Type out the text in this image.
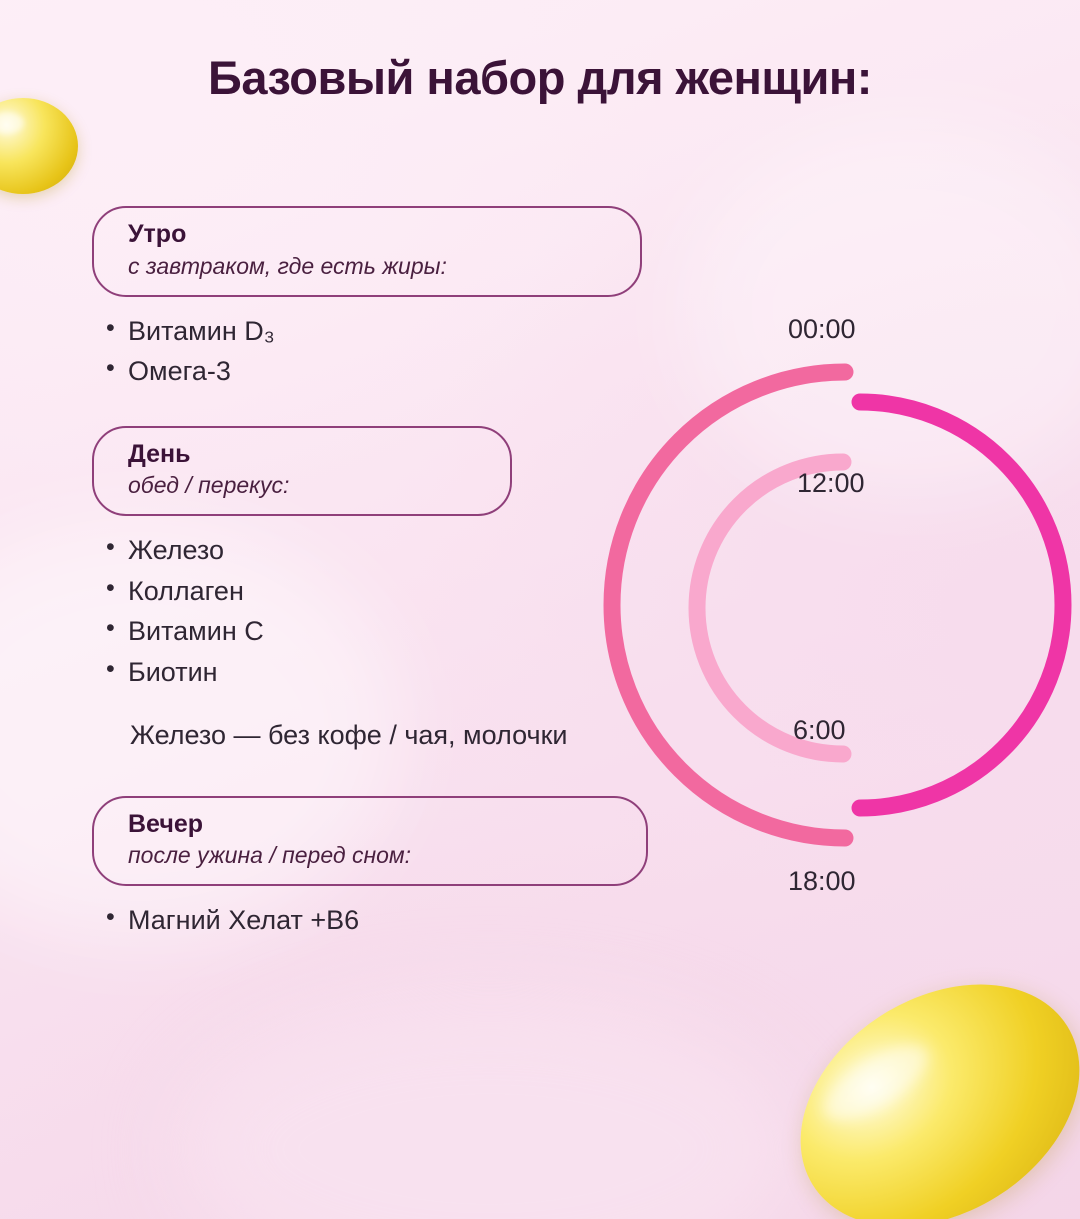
Базовый набор для женщин:
Утро
с завтраком, где есть жиры:
• Витамин D₃
• Омега-3
День
обед / перекус:
• Железо
• Коллаген
• Витамин C
• Биотин
Железо — без кофе / чая, молочки
Вечер
после ужина / перед сном:
• Магний Хелат +B6
00:00
12:00
6:00
18:00
